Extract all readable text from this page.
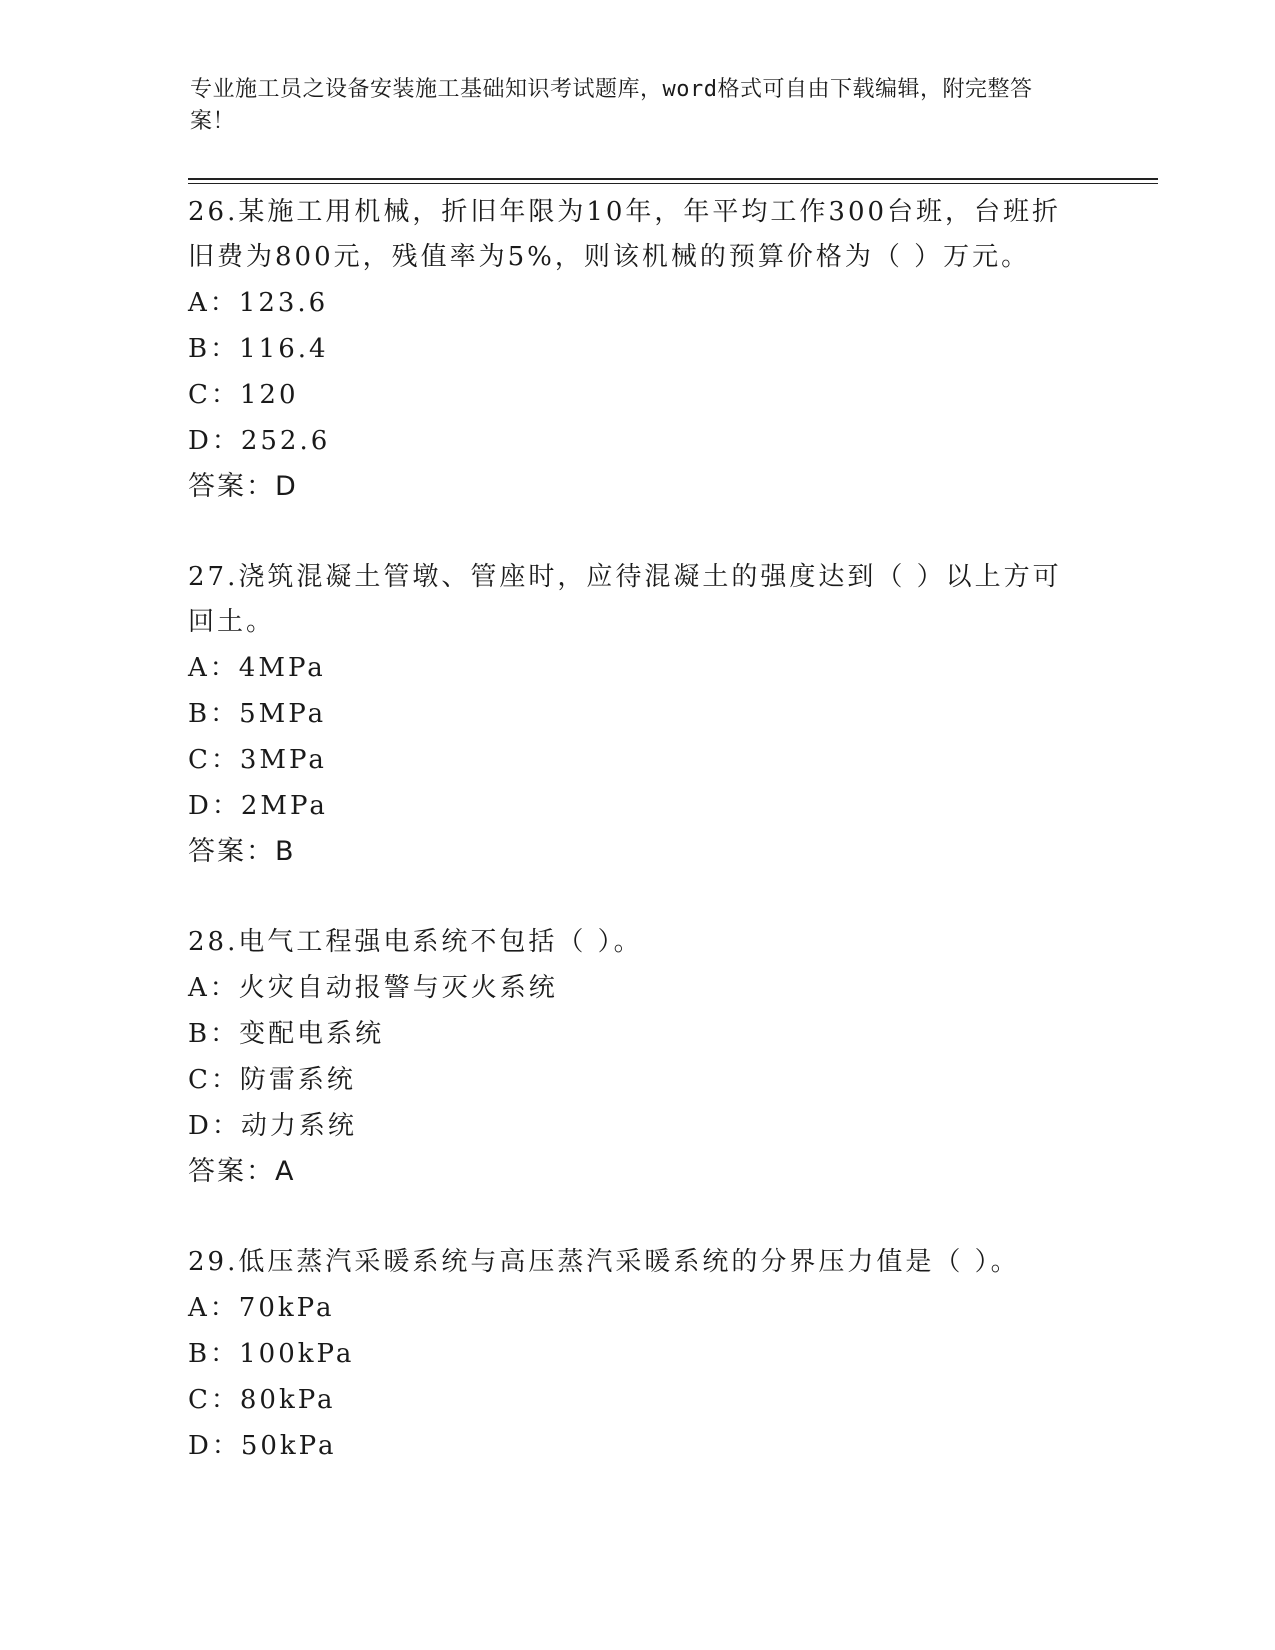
专业施工员之设备安装施工基础知识考试题库，word格式可自由下载编辑，附完整答案！
26.某施工用机械，折旧年限为10年，年平均工作300台班，台班折旧费为800元，残值率为5%，则该机械的预算价格为（ ）万元。
A：123.6
B：116.4
C：120
D：252.6
答案：D
27.浇筑混凝土管墩、管座时，应待混凝土的强度达到（ ）以上方可回土。
A：4MPa
B：5MPa
C：3MPa
D：2MPa
答案：B
28.电气工程强电系统不包括（ ）。
A：火灾自动报警与灭火系统
B：变配电系统
C：防雷系统
D：动力系统
答案：A
29.低压蒸汽采暖系统与高压蒸汽采暖系统的分界压力值是（ ）。
A：70kPa
B：100kPa
C：80kPa
D：50kPa
